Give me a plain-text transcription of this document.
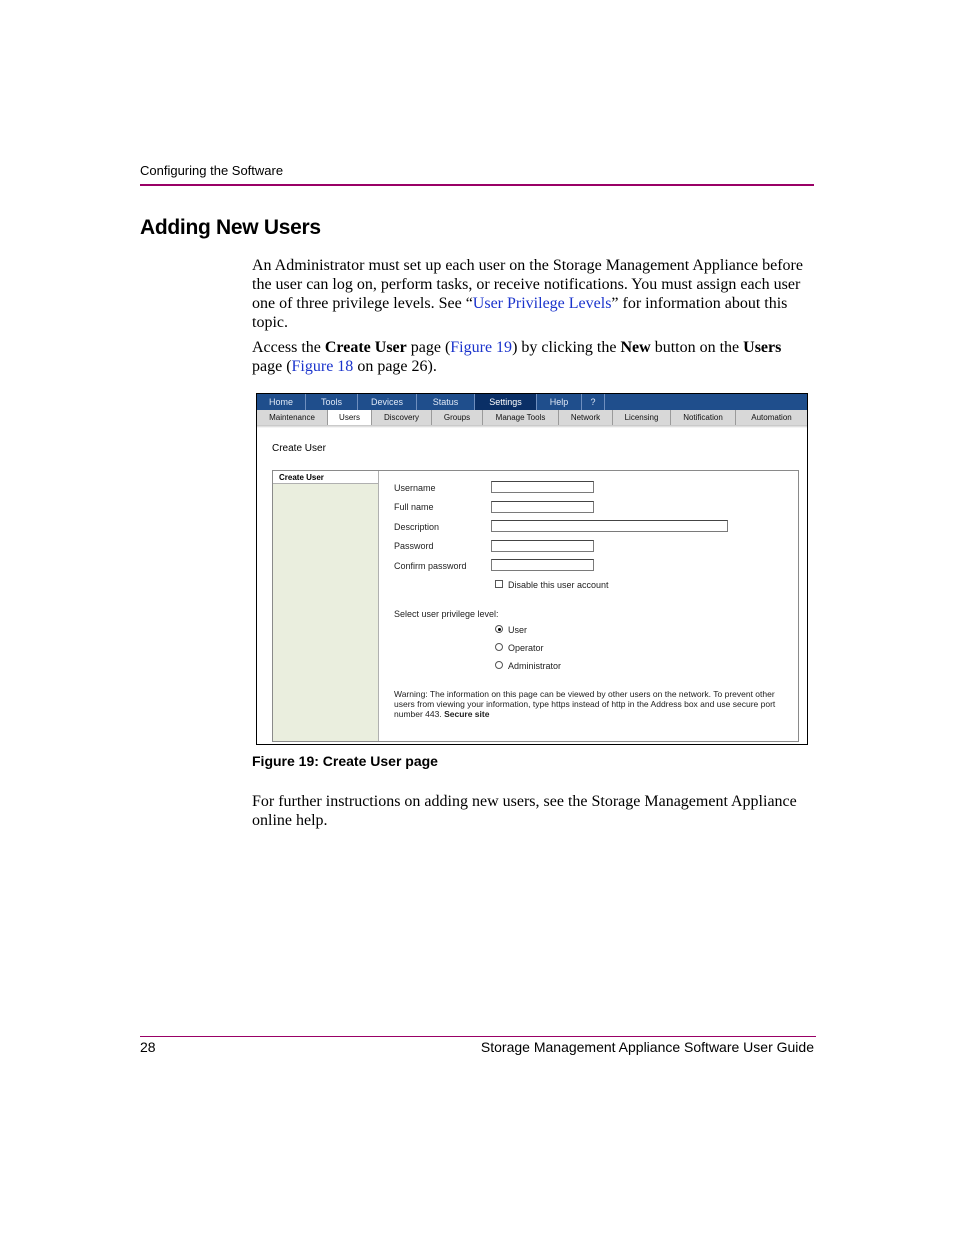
Configuring the Software
Adding New Users
An Administrator must set up each user on the Storage Management Appliance before the user can log on, perform tasks, or receive notifications. You must assign each user one of three privilege levels. See “User Privilege Levels” for information about this topic.
Access the Create User page (Figure 19) by clicking the New button on the Users page (Figure 18 on page 26).
Home	Tools	Devices	Status	Settings	Help	?
Maintenance	Users	Discovery	Groups	Manage Tools	Network	Licensing	Notification	Automation
Create User
Create User
Username
Full name
Description
Password
Confirm password
Disable this user account
Select user privilege level:
User
Operator
Administrator
Warning: The information on this page can be viewed by other users on the network. To prevent other users from viewing your information, type https instead of http in the Address box and use secure port number 443. Secure site
Figure 19: Create User page
For further instructions on adding new users, see the Storage Management Appliance online help.
28	Storage Management Appliance Software User Guide
